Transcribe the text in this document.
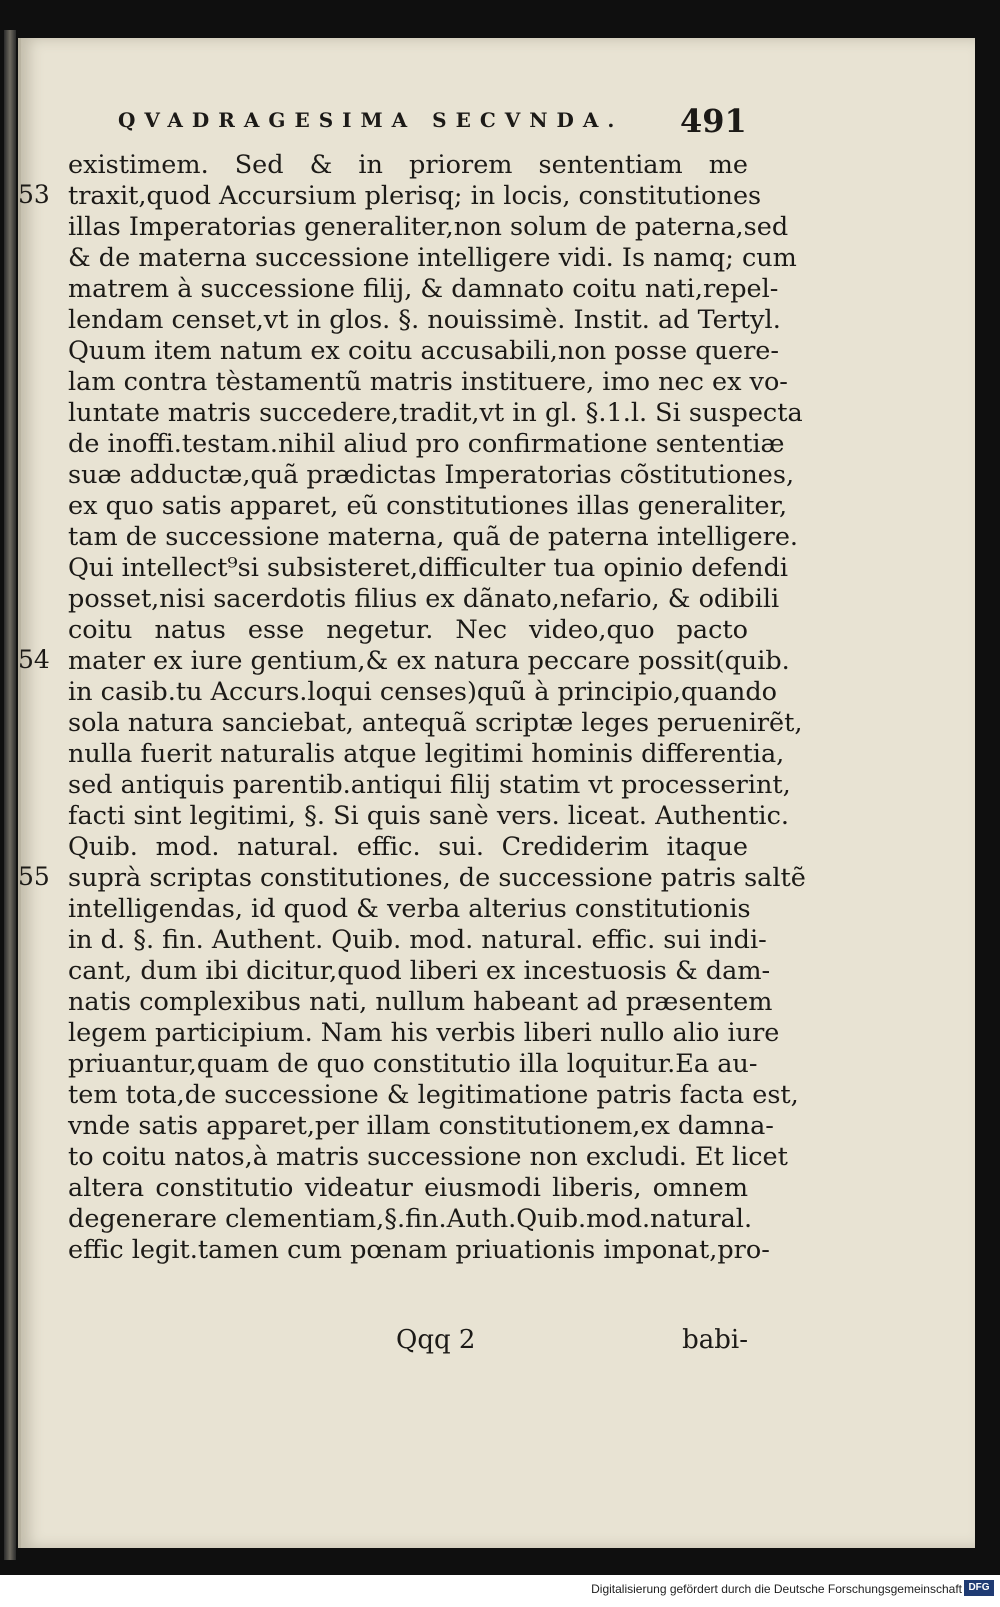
QVADRAGESIMA SECVNDA.	491
53
54
55
existimem. Sed & in priorem sententiam me
traxit,quod Accursium plerisq; in locis, constitutiones
illas Imperatorias generaliter,non solum de paterna,sed
& de materna successione intelligere vidi. Is namq; cum
matrem à successione filij, & damnato coitu nati,repel-
lendam censet,vt in glos. §. nouissimè. Instit. ad Tertyl.
Quum item natum ex coitu accusabili,non posse quere-
lam contra tèstamentũ matris instituere, imo nec ex vo-
luntate matris succedere,tradit,vt in gl. §.1.l. Si suspecta
de inoffi.testam.nihil aliud pro confirmatione sententiæ
suæ adductæ,quã prædictas Imperatorias cõstitutiones,
ex quo satis apparet, eũ constitutiones illas generaliter,
tam de successione materna, quã de paterna intelligere.
Qui intellect⁹si subsisteret,difficulter tua opinio defendi
posset,nisi sacerdotis filius ex dãnato,nefario, & odibili
coitu natus esse negetur. Nec video,quo pacto
mater ex iure gentium,& ex natura peccare possit(quib.
in casib.tu Accurs.loqui censes)quũ à principio,quando
sola natura sanciebat, antequã scriptæ leges peruenirẽt,
nulla fuerit naturalis atque legitimi hominis differentia,
sed antiquis parentib.antiqui filij statim vt processerint,
facti sint legitimi, §. Si quis sanè vers. liceat. Authentic.
Quib. mod. natural. effic. sui. Crediderim itaque
suprà scriptas constitutiones, de successione patris saltẽ
intelligendas, id quod & verba alterius constitutionis
in d. §. fin. Authent. Quib. mod. natural. effic. sui indi-
cant, dum ibi dicitur,quod liberi ex incestuosis & dam-
natis complexibus nati, nullum habeant ad præsentem
legem participium. Nam his verbis liberi nullo alio iure
priuantur,quam de quo constitutio illa loquitur.Ea au-
tem tota,de successione & legitimatione patris facta est,
vnde satis apparet,per illam constitutionem,ex damna-
to coitu natos,à matris successione non excludi. Et licet
altera constitutio videatur eiusmodi liberis, omnem
degenerare clementiam,§.fin.Auth.Quib.mod.natural.
effic legit.tamen cum pœnam priuationis imponat,pro-
Qqq 2	babi-
Digitalisierung gefördert durch die Deutsche Forschungsgemeinschaft DFG
